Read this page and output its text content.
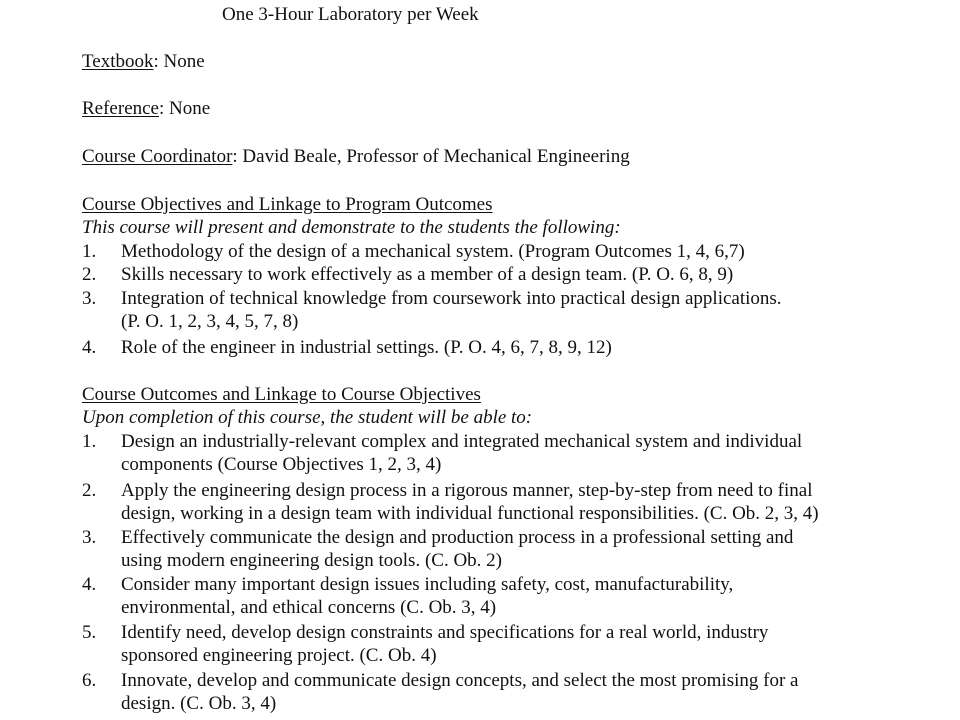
One 3-Hour Laboratory per Week
Textbook: None
Reference: None
Course Coordinator: David Beale, Professor of Mechanical Engineering
Course Objectives and Linkage to Program Outcomes
This course will present and demonstrate to the students the following:
1. Methodology of the design of a mechanical system. (Program Outcomes 1, 4, 6,7)
2. Skills necessary to work effectively as a member of a design team. (P. O. 6, 8, 9)
3. Integration of technical knowledge from coursework into practical design applications.
(P. O. 1, 2, 3, 4, 5, 7, 8)
4. Role of the engineer in industrial settings. (P. O. 4, 6, 7, 8, 9, 12)
Course Outcomes and Linkage to Course Objectives
Upon completion of this course, the student will be able to:
1. Design an industrially-relevant complex and integrated mechanical system and individual
components (Course Objectives 1, 2, 3, 4)
2. Apply the engineering design process in a rigorous manner, step-by-step from need to final
design, working in a design team with individual functional responsibilities. (C. Ob. 2, 3, 4)
3. Effectively communicate the design and production process in a professional setting and
using modern engineering design tools. (C. Ob. 2)
4. Consider many important design issues including safety, cost, manufacturability,
environmental, and ethical concerns (C. Ob. 3, 4)
5. Identify need, develop design constraints and specifications for a real world, industry
sponsored engineering project. (C. Ob. 4)
6. Innovate, develop and communicate design concepts, and select the most promising for a
design. (C. Ob. 3, 4)
